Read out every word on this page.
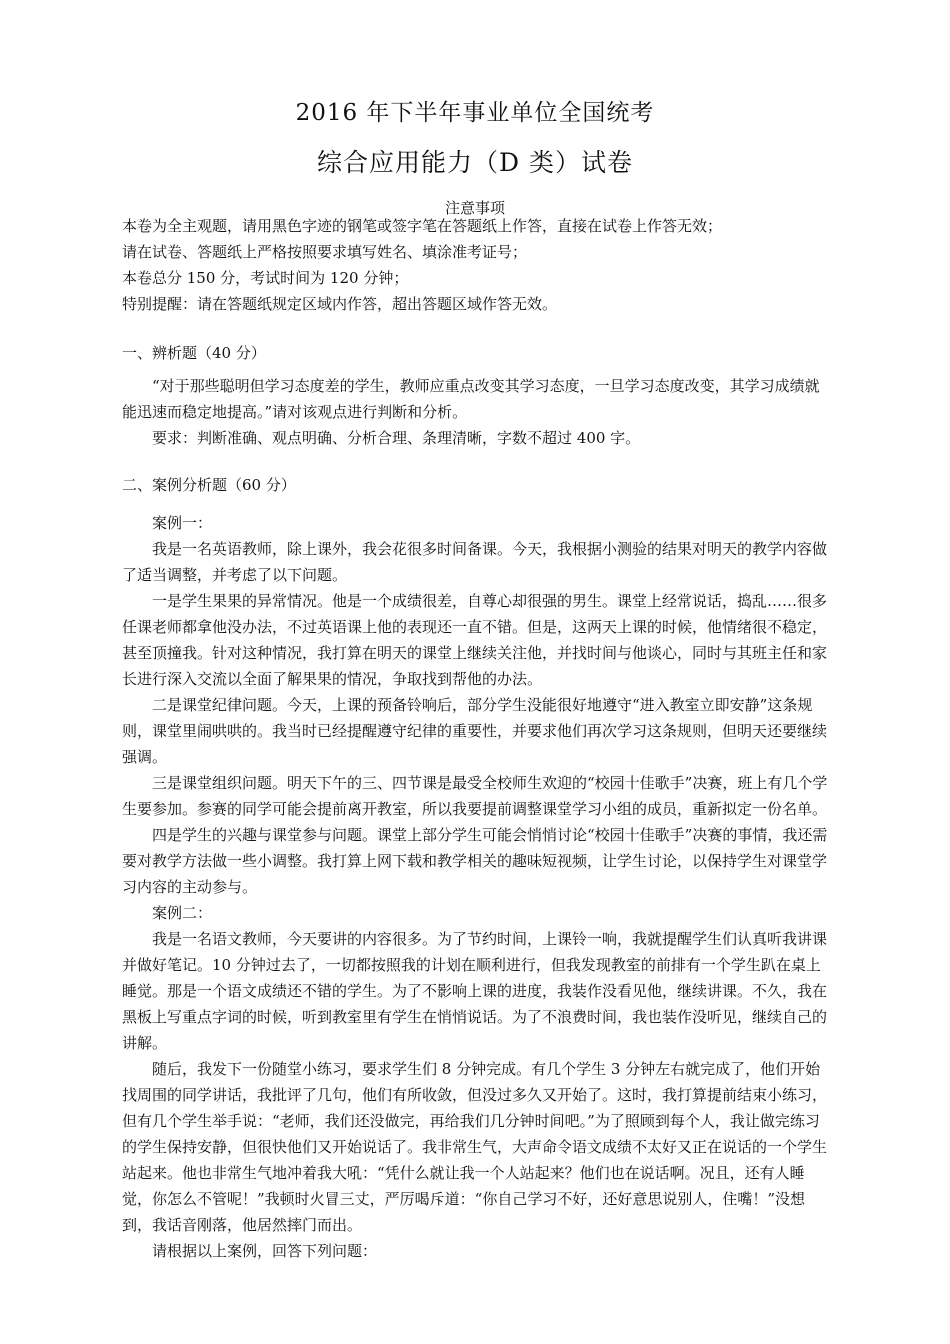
2016 年下半年事业单位全国统考
综合应用能力（D 类）试卷
注意事项

本卷为全主观题，请用黑色字迹的钢笔或签字笔在答题纸上作答，直接在试卷上作答无效；

请在试卷、答题纸上严格按照要求填写姓名、填涂准考证号；

本卷总分 150 分，考试时间为 120 分钟；

特别提醒：请在答题纸规定区域内作答，超出答题区域作答无效。

一、辨析题（40 分）

“对于那些聪明但学习态度差的学生，教师应重点改变其学习态度，一旦学习态度改变，其学习成绩就能迅速而稳定地提高。”请对该观点进行判断和分析。

要求：判断准确、观点明确、分析合理、条理清晰，字数不超过 400 字。

二、案例分析题（60 分）

案例一：

我是一名英语教师，除上课外，我会花很多时间备课。今天，我根据小测验的结果对明天的教学内容做了适当调整，并考虑了以下问题。

一是学生果果的异常情况。他是一个成绩很差，自尊心却很强的男生。课堂上经常说话，捣乱……很多任课老师都拿他没办法，不过英语课上他的表现还一直不错。但是，这两天上课的时候，他情绪很不稳定，甚至顶撞我。针对这种情况，我打算在明天的课堂上继续关注他，并找时间与他谈心，同时与其班主任和家长进行深入交流以全面了解果果的情况，争取找到帮他的办法。

二是课堂纪律问题。今天，上课的预备铃响后，部分学生没能很好地遵守“进入教室立即安静”这条规则，课堂里闹哄哄的。我当时已经提醒遵守纪律的重要性，并要求他们再次学习这条规则，但明天还要继续强调。

三是课堂组织问题。明天下午的三、四节课是最受全校师生欢迎的“校园十佳歌手”决赛，班上有几个学生要参加。参赛的同学可能会提前离开教室，所以我要提前调整课堂学习小组的成员，重新拟定一份名单。

四是学生的兴趣与课堂参与问题。课堂上部分学生可能会悄悄讨论“校园十佳歌手”决赛的事情，我还需要对教学方法做一些小调整。我打算上网下载和教学相关的趣味短视频，让学生讨论，以保持学生对课堂学习内容的主动参与。

案例二：

我是一名语文教师，今天要讲的内容很多。为了节约时间，上课铃一响，我就提醒学生们认真听我讲课并做好笔记。10 分钟过去了，一切都按照我的计划在顺利进行，但我发现教室的前排有一个学生趴在桌上睡觉。那是一个语文成绩还不错的学生。为了不影响上课的进度，我装作没看见他，继续讲课。不久，我在黑板上写重点字词的时候，听到教室里有学生在悄悄说话。为了不浪费时间，我也装作没听见，继续自己的讲解。

随后，我发下一份随堂小练习，要求学生们 8 分钟完成。有几个学生 3 分钟左右就完成了，他们开始找周围的同学讲话，我批评了几句，他们有所收敛，但没过多久又开始了。这时，我打算提前结束小练习，但有几个学生举手说：“老师，我们还没做完，再给我们几分钟时间吧。”为了照顾到每个人，我让做完练习的学生保持安静，但很快他们又开始说话了。我非常生气，大声命令语文成绩不太好又正在说话的一个学生站起来。他也非常生气地冲着我大吼：“凭什么就让我一个人站起来？他们也在说话啊。况且，还有人睡觉，你怎么不管呢！”我顿时火冒三丈，严厉喝斥道：“你自己学习不好，还好意思说别人，住嘴！”没想到，我话音刚落，他居然摔门而出。

请根据以上案例，回答下列问题：
